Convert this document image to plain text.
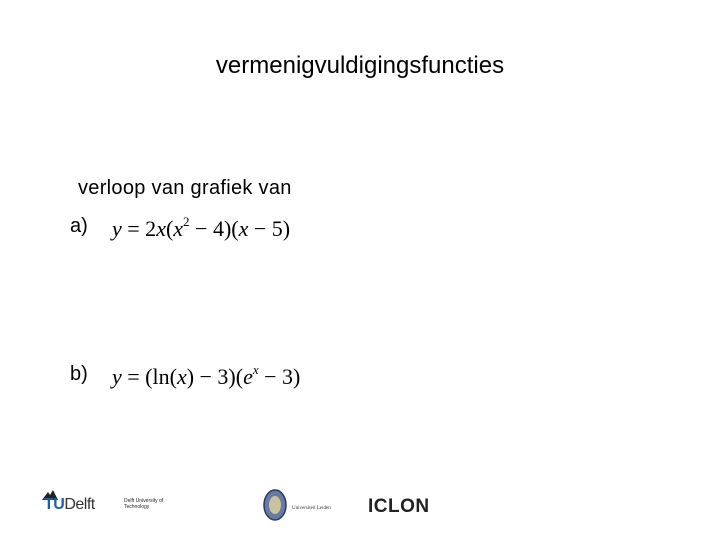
vermenigvuldigingsfuncties
verloop van grafiek van
a) $y = 2x(x^2 - 4)(x - 5)$
b) $y = (\ln(x) - 3)(e^x - 3)$
TUDelft	Delft University of Technology	Universiteit Leiden ICLON
